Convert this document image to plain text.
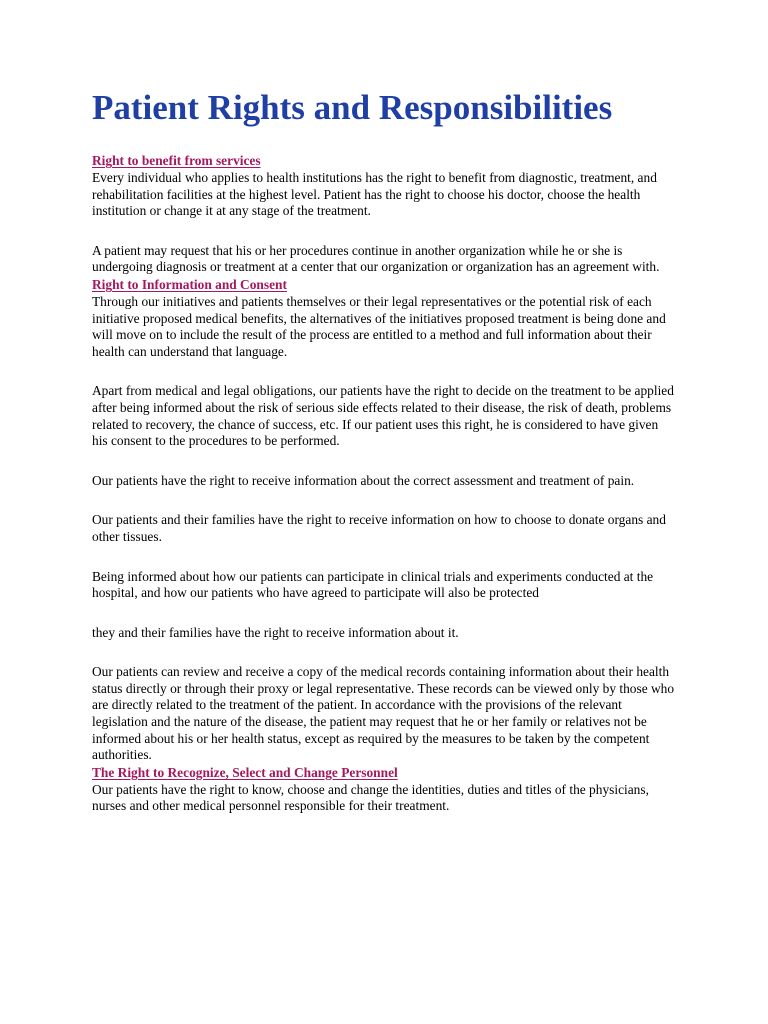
Patient Rights and Responsibilities
Right to benefit from services

Every individual who applies to health institutions has the right to benefit from diagnostic, treatment, and rehabilitation facilities at the highest level. Patient has the right to choose his doctor, choose the health institution or change it at any stage of the treatment.

A patient may request that his or her procedures continue in another organization while he or she is undergoing diagnosis or treatment at a center that our organization or organization has an agreement with.

Right to Information and Consent

Through our initiatives and patients themselves or their legal representatives or the potential risk of each initiative proposed medical benefits, the alternatives of the initiatives proposed treatment is being done and will move on to include the result of the process are entitled to a method and full information about their health can understand that language.

Apart from medical and legal obligations, our patients have the right to decide on the treatment to be applied after being informed about the risk of serious side effects related to their disease, the risk of death, problems related to recovery, the chance of success, etc. If our patient uses this right, he is considered to have given his consent to the procedures to be performed.

Our patients have the right to receive information about the correct assessment and treatment of pain.

Our patients and their families have the right to receive information on how to choose to donate organs and other tissues.

Being informed about how our patients can participate in clinical trials and experiments conducted at the hospital, and how our patients who have agreed to participate will also be protected

they and their families have the right to receive information about it.

Our patients can review and receive a copy of the medical records containing information about their health status directly or through their proxy or legal representative. These records can be viewed only by those who are directly related to the treatment of the patient. In accordance with the provisions of the relevant legislation and the nature of the disease, the patient may request that he or her family or relatives not be informed about his or her health status, except as required by the measures to be taken by the competent authorities.

The Right to Recognize, Select and Change Personnel

Our patients have the right to know, choose and change the identities, duties and titles of the physicians, nurses and other medical personnel responsible for their treatment.
